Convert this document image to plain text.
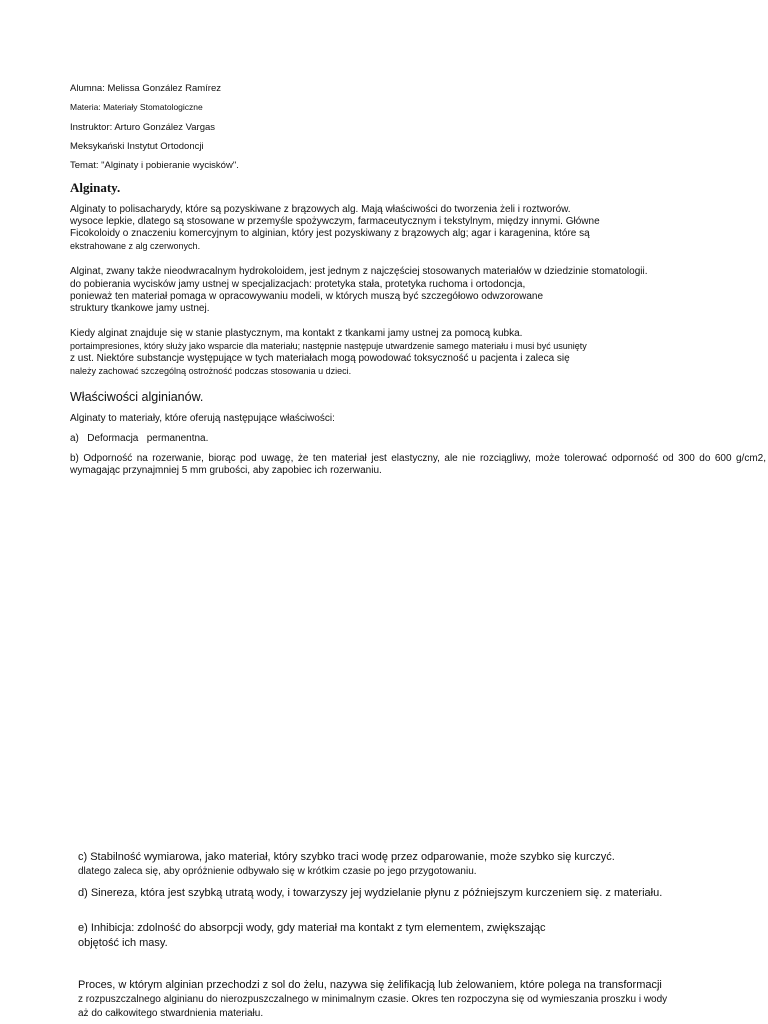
Alumna: Melissa González Ramírez

Materia: Materiały Stomatologiczne

Instruktor: Arturo González Vargas

Meksykański Instytut Ortodoncji

Temat: "Alginaty i pobieranie wycisków".

Alginaty.

Alginaty to polisacharydy, które są pozyskiwane z brązowych alg. Mają właściwości do tworzenia żeli i roztworów.

wysoce lepkie, dlatego są stosowane w przemyśle spożywczym, farmaceutycznym i tekstylnym, między innymi. Główne

Ficokoloidy o znaczeniu komercyjnym to alginian, który jest pozyskiwany z brązowych alg; agar i karagenina, które są

ekstrahowane z alg czerwonych.

Alginat, zwany także nieodwracalnym hydrokoloidem, jest jednym z najczęściej stosowanych materiałów w dziedzinie stomatologii.

do pobierania wycisków jamy ustnej w specjalizacjach: protetyka stała, protetyka ruchoma i ortodoncja,

ponieważ ten materiał pomaga w opracowywaniu modeli, w których muszą być szczegółowo odwzorowane

struktury tkankowe jamy ustnej.

Kiedy alginat znajduje się w stanie plastycznym, ma kontakt z tkankami jamy ustnej za pomocą kubka.

portaimpresiones, który służy jako wsparcie dla materiału; następnie następuje utwardzenie samego materiału i musi być usunięty

z ust. Niektóre substancje występujące w tych materiałach mogą powodować toksyczność u pacjenta i zaleca się

należy zachować szczególną ostrożność podczas stosowania u dzieci.

Właściwości alginianów.

Alginaty to materiały, które oferują następujące właściwości:

a)   Deformacja   permanentna.

b) Odporność na rozerwanie, biorąc pod uwagę, że ten materiał jest elastyczny, ale nie rozciągliwy, może tolerować odporność od 300 do 600 g/cm2, wymagając przynajmniej 5 mm grubości, aby zapobiec ich rozerwaniu.

c) Stabilność wymiarowa, jako materiał, który szybko traci wodę przez odparowanie, może szybko się kurczyć.

dlatego zaleca się, aby opróżnienie odbywało się w krótkim czasie po jego przygotowaniu.

d) Sinereza, która jest szybką utratą wody, i towarzyszy jej wydzielanie płynu z późniejszym kurczeniem się. z materiału.

e) Inhibicja: zdolność do absorpcji wody, gdy materiał ma kontakt z tym elementem, zwiększając

objętość ich masy.

Proces, w którym alginian przechodzi z sol do żelu, nazywa się żelifikacją lub żelowaniem, które polega na transformacji

z rozpuszczalnego alginianu do nierozpuszczalnego w minimalnym czasie. Okres ten rozpoczyna się od wymieszania proszku i wody

aż do całkowitego stwardnienia materiału.
